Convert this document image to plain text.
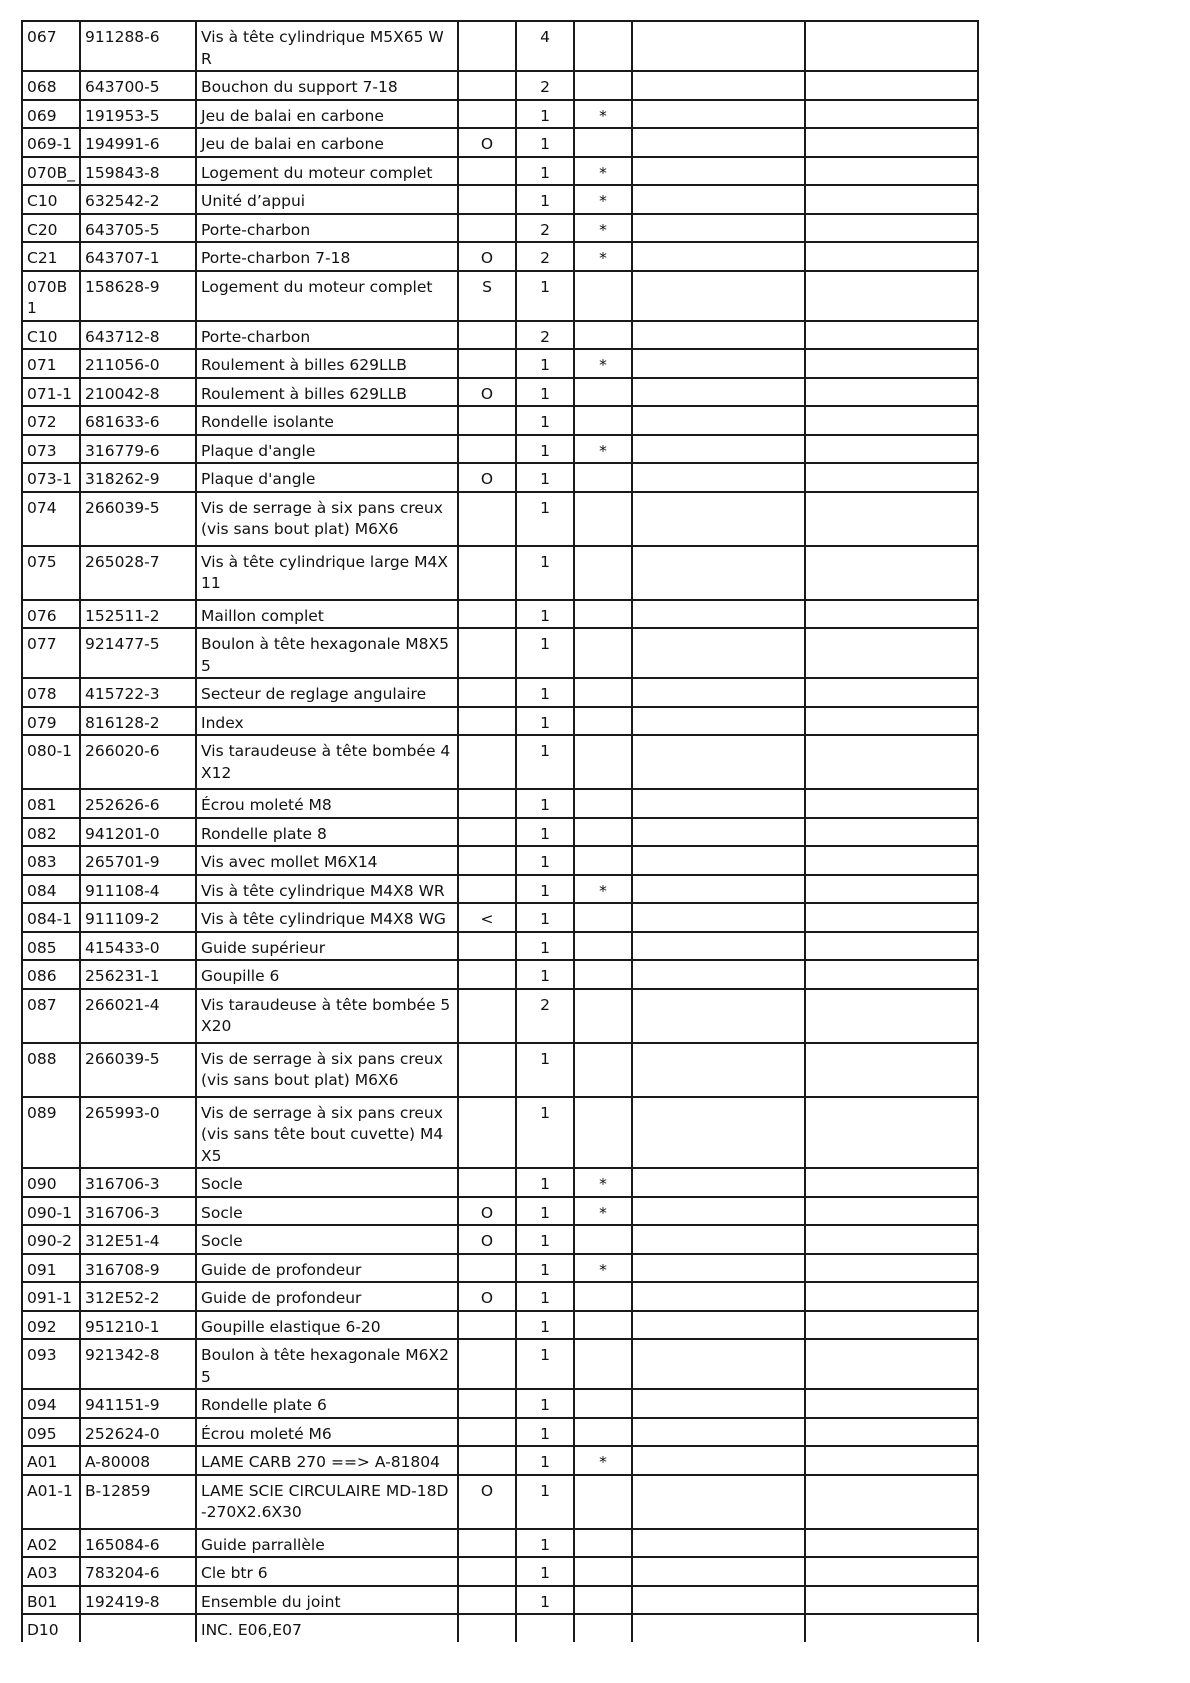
067	911288-6	Vis à tête cylindrique M5X65 WR		4			
068	643700-5	Bouchon du support 7-18		2			
069	191953-5	Jeu de balai en carbone		1	*		
069-1	194991-6	Jeu de balai en carbone	O	1			
070B_	159843-8	Logement du moteur complet		1	*		
C10	632542-2	Unité d’appui		1	*		
C20	643705-5	Porte-charbon		2	*		
C21	643707-1	Porte-charbon 7-18	O	2	*		
070B1	158628-9	Logement du moteur complet	S	1			
C10	643712-8	Porte-charbon		2			
071	211056-0	Roulement à billes 629LLB		1	*		
071-1	210042-8	Roulement à billes 629LLB	O	1			
072	681633-6	Rondelle isolante		1			
073	316779-6	Plaque d'angle		1	*		
073-1	318262-9	Plaque d'angle	O	1			
074	266039-5	Vis de serrage à six pans creux (vis sans bout plat) M6X6		1			
075	265028-7	Vis à tête cylindrique large M4X11		1			
076	152511-2	Maillon complet		1			
077	921477-5	Boulon à tête hexagonale M8X55		1			
078	415722-3	Secteur de reglage angulaire		1			
079	816128-2	Index		1			
080-1	266020-6	Vis taraudeuse à tête bombée 4X12		1			
081	252626-6	Écrou moleté M8		1			
082	941201-0	Rondelle plate 8		1			
083	265701-9	Vis avec mollet M6X14		1			
084	911108-4	Vis à tête cylindrique M4X8 WR		1	*		
084-1	911109-2	Vis à tête cylindrique M4X8 WG	<	1			
085	415433-0	Guide supérieur		1			
086	256231-1	Goupille 6		1			
087	266021-4	Vis taraudeuse à tête bombée 5X20		2			
088	266039-5	Vis de serrage à six pans creux (vis sans bout plat) M6X6		1			
089	265993-0	Vis de serrage à six pans creux (vis sans tête bout cuvette) M4X5		1			
090	316706-3	Socle		1	*		
090-1	316706-3	Socle	O	1	*		
090-2	312E51-4	Socle	O	1			
091	316708-9	Guide de profondeur		1	*		
091-1	312E52-2	Guide de profondeur	O	1			
092	951210-1	Goupille elastique 6-20		1			
093	921342-8	Boulon à tête hexagonale M6X25		1			
094	941151-9	Rondelle plate 6		1			
095	252624-0	Écrou moleté M6		1			
A01	A-80008	LAME CARB 270 ==> A-81804		1	*		
A01-1	B-12859	LAME SCIE CIRCULAIRE MD-18D-270X2.6X30	O	1			
A02	165084-6	Guide parrallèle		1			
A03	783204-6	Cle btr 6		1			
B01	192419-8	Ensemble du joint		1			
D10		INC. E06,E07					
